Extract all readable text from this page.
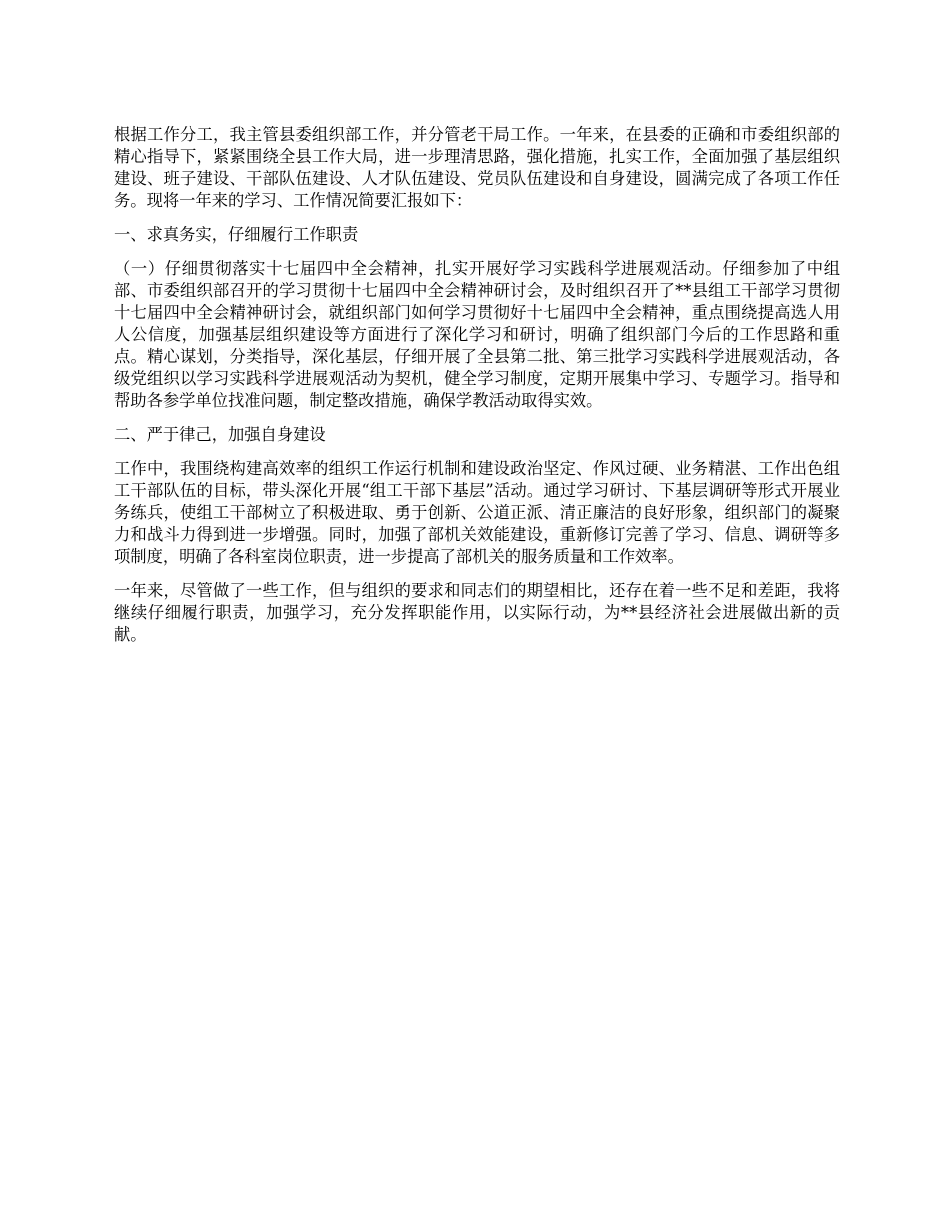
根据工作分工，我主管县委组织部工作，并分管老干局工作。一年来，在县委的正确和市委组织部的精心指导下，紧紧围绕全县工作大局，进一步理清思路，强化措施，扎实工作，全面加强了基层组织建设、班子建设、干部队伍建设、人才队伍建设、党员队伍建设和自身建设，圆满完成了各项工作任务。现将一年来的学习、工作情况简要汇报如下：

一、求真务实，仔细履行工作职责

（一）仔细贯彻落实十七届四中全会精神，扎实开展好学习实践科学进展观活动。仔细参加了中组部、市委组织部召开的学习贯彻十七届四中全会精神研讨会，及时组织召开了**县组工干部学习贯彻十七届四中全会精神研讨会，就组织部门如何学习贯彻好十七届四中全会精神，重点围绕提高选人用人公信度，加强基层组织建设等方面进行了深化学习和研讨，明确了组织部门今后的工作思路和重点。精心谋划，分类指导，深化基层，仔细开展了全县第二批、第三批学习实践科学进展观活动，各级党组织以学习实践科学进展观活动为契机，健全学习制度，定期开展集中学习、专题学习。指导和帮助各参学单位找准问题，制定整改措施，确保学教活动取得实效。

二、严于律己，加强自身建设

工作中，我围绕构建高效率的组织工作运行机制和建设政治坚定、作风过硬、业务精湛、工作出色组工干部队伍的目标，带头深化开展“组工干部下基层”活动。通过学习研讨、下基层调研等形式开展业务练兵，使组工干部树立了积极进取、勇于创新、公道正派、清正廉洁的良好形象，组织部门的凝聚力和战斗力得到进一步增强。同时，加强了部机关效能建设，重新修订完善了学习、信息、调研等多项制度，明确了各科室岗位职责，进一步提高了部机关的服务质量和工作效率。

一年来，尽管做了一些工作，但与组织的要求和同志们的期望相比，还存在着一些不足和差距，我将继续仔细履行职责，加强学习，充分发挥职能作用，以实际行动，为**县经济社会进展做出新的贡献。
